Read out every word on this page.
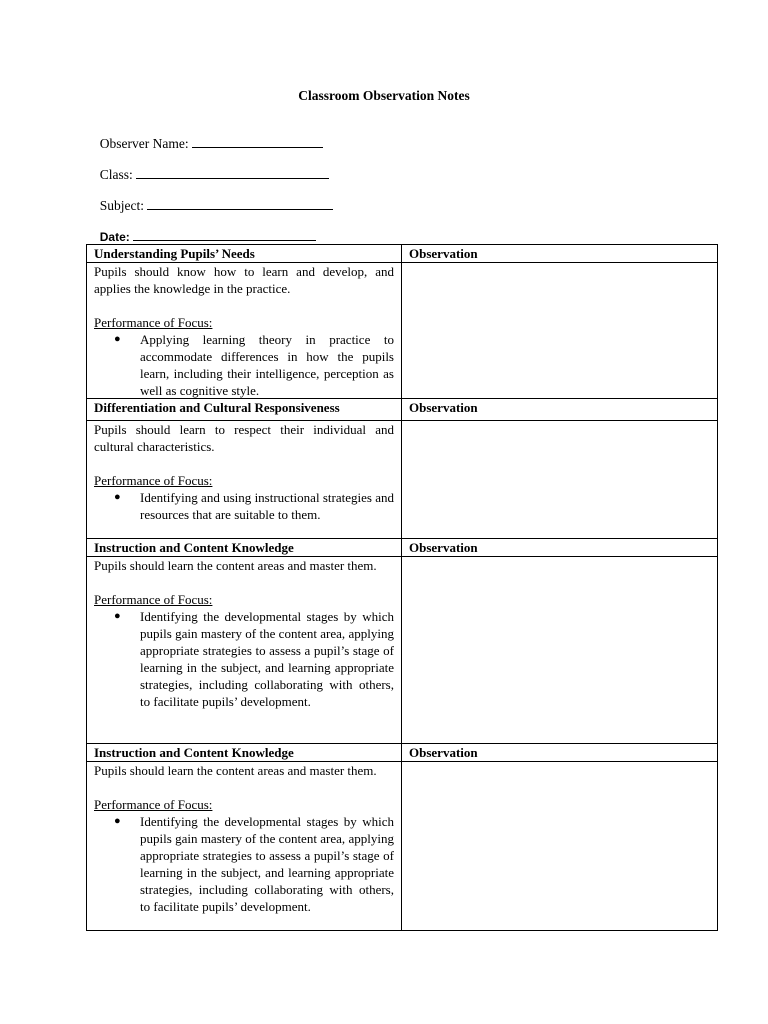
Classroom Observation Notes

Observer Name:

Class:

Subject:

Date:

Understanding Pupils’ Needs	Observation

Pupils should know how to learn and develop, and applies the knowledge in the practice.

Performance of Focus:

● Applying learning theory in practice to accommodate differences in how the pupils learn, including their intelligence, perception as well as cognitive style.	

Differentiation and Cultural Responsiveness	Observation

Pupils should learn to respect their individual and cultural characteristics.

Performance of Focus:

● Identifying and using instructional strategies and resources that are suitable to them.	

Instruction and Content Knowledge	Observation

Pupils should learn the content areas and master them.

Performance of Focus:

● Identifying the developmental stages by which pupils gain mastery of the content area, applying appropriate strategies to assess a pupil’s stage of learning in the subject, and learning appropriate strategies, including collaborating with others, to facilitate pupils’ development.	

Instruction and Content Knowledge	Observation

Pupils should learn the content areas and master them.

Performance of Focus:

● Identifying the developmental stages by which pupils gain mastery of the content area, applying appropriate strategies to assess a pupil’s stage of learning in the subject, and learning appropriate strategies, including collaborating with others, to facilitate pupils’ development.	
